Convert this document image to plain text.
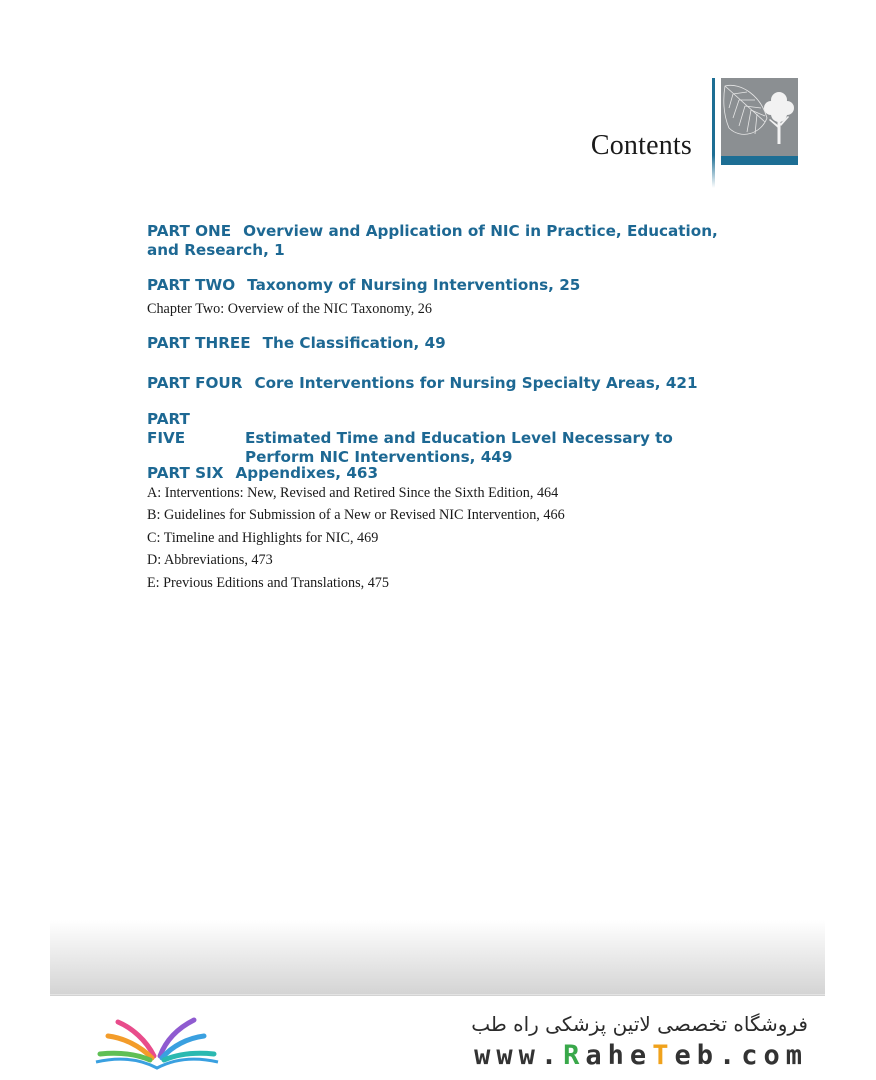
Contents
PART ONE Overview and Application of NIC in Practice, Education,
and Research, 1
PART TWO Taxonomy of Nursing Interventions, 25
Chapter Two: Overview of the NIC Taxonomy, 26
PART THREE The Classification, 49
PART FOUR Core Interventions for Nursing Specialty Areas, 421
PART FIVE	Estimated Time and Education Level Necessary to
Perform NIC Interventions, 449
PART SIX Appendixes, 463
A: Interventions: New, Revised and Retired Since the Sixth Edition, 464
B: Guidelines for Submission of a New or Revised NIC Intervention, 466
C: Timeline and Highlights for NIC, 469
D: Abbreviations, 473
E: Previous Editions and Translations, 475
فروشگاه تخصصی لاتین پزشکی راه طب
www.RaheTeb.com
